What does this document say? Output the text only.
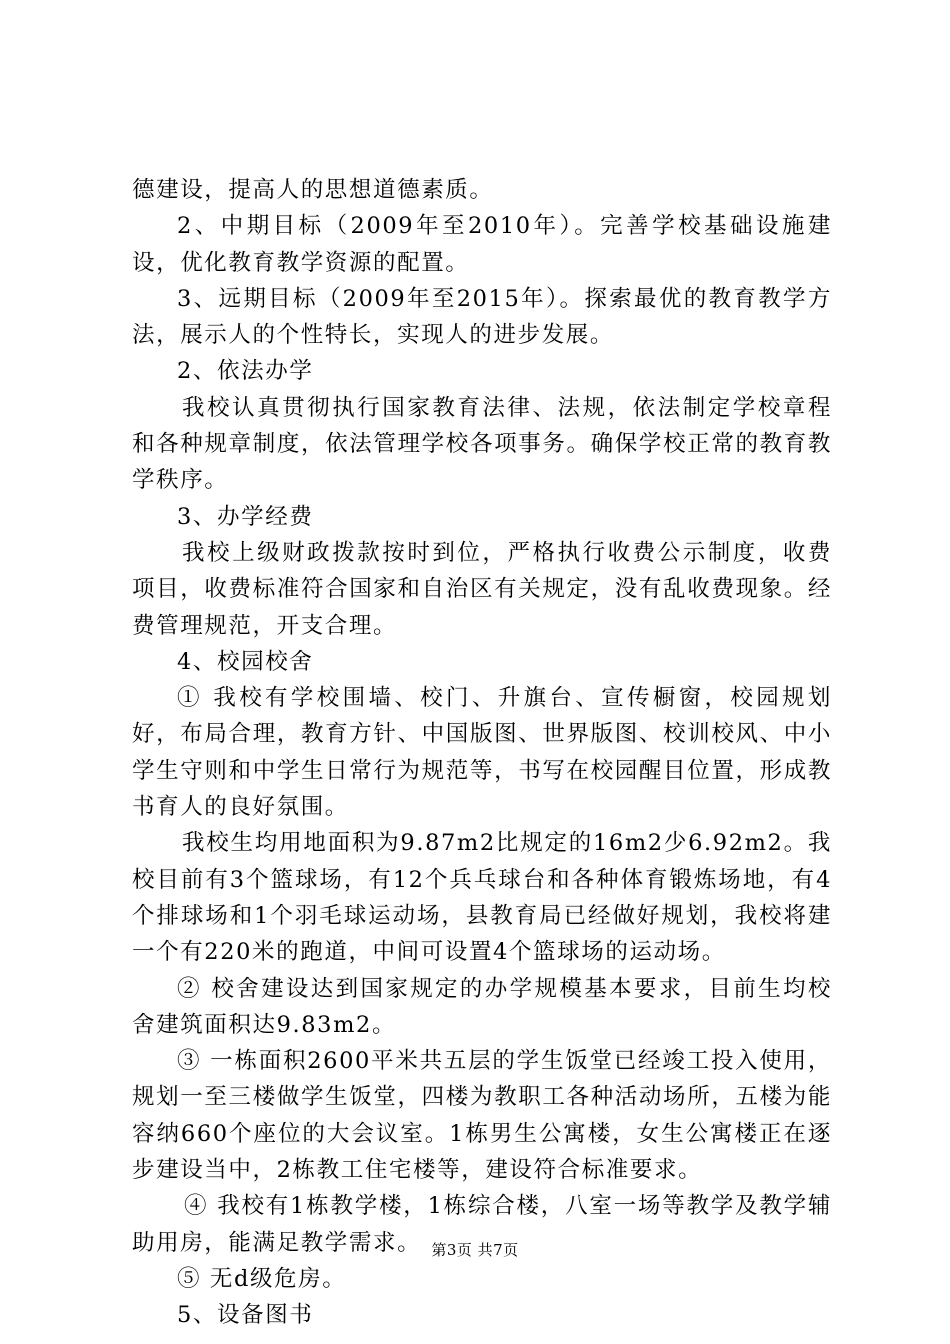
德建设，提高人的思想道德素质。

2、中期目标（2009年至2010年）。完善学校基础设施建设，优化教育教学资源的配置。

3、远期目标（2009年至2015年）。探索最优的教育教学方法，展示人的个性特长，实现人的进步发展。

2、依法办学

我校认真贯彻执行国家教育法律、法规，依法制定学校章程和各种规章制度，依法管理学校各项事务。确保学校正常的教育教学秩序。

3、办学经费

我校上级财政拨款按时到位，严格执行收费公示制度，收费项目，收费标准符合国家和自治区有关规定，没有乱收费现象。经费管理规范，开支合理。

4、校园校舍

① 我校有学校围墙、校门、升旗台、宣传橱窗，校园规划好，布局合理，教育方针、中国版图、世界版图、校训校风、中小学生守则和中学生日常行为规范等，书写在校园醒目位置，形成教书育人的良好氛围。

我校生均用地面积为9.87m2比规定的16m2少6.92m2。我校目前有3个篮球场，有12个兵乓球台和各种体育锻炼场地，有4个排球场和1个羽毛球运动场，县教育局已经做好规划，我校将建一个有220米的跑道，中间可设置4个篮球场的运动场。

② 校舍建设达到国家规定的办学规模基本要求，目前生均校舍建筑面积达9.83m2。

③ 一栋面积2600平米共五层的学生饭堂已经竣工投入使用，规划一至三楼做学生饭堂，四楼为教职工各种活动场所，五楼为能容纳660个座位的大会议室。1栋男生公寓楼，女生公寓楼正在逐步建设当中，2栋教工住宅楼等，建设符合标准要求。

④ 我校有1栋教学楼，1栋综合楼，八室一场等教学及教学辅助用房，能满足教学需求。

⑤ 无d级危房。

5、设备图书

第3页 共7页
